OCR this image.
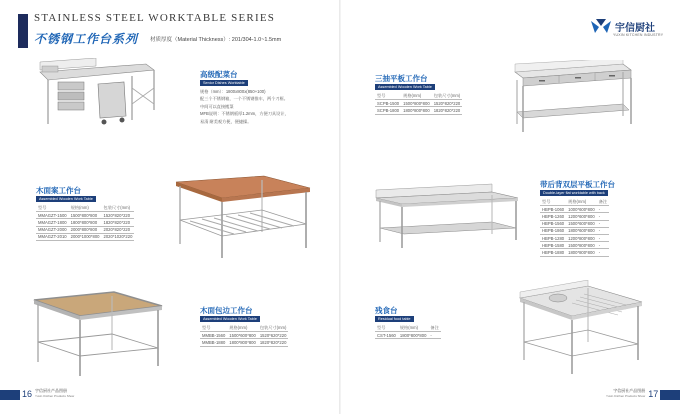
STAINLESS STEEL WORKTABLE SERIES
不锈钢工作台系列 材质厚度（Material Thickness）: 201/304-1.0~1.5mm
宇信厨社
YUXIN KITCHEN INDUSTRY
高级配菜台
Senior Dishes Worktable
规格（mm）：1800x800x(850+100)
配三个不锈钢箱，一个不锈钢推车，两个刀框。
中间可以直接搬菜
MFB说明：不锈钢板厚1.2mm，方便刀具设计，
易清 耐美观方便，便捷操。
三抽平板工作台
Assembled Wooden Work Table
型号	规格(mm)	包装尺寸(mm)
SCPB-1500	1500*800*800	1520*820*220
SCPB-1800	1800*800*800	1820*820*220
木面案工作台
Assembled Wooden Work Table
型号	规格(mm)	包装尺寸(mm)
MMAGZT-1500	1500*800*800	1520*820*220
MMAGZT-1800	1800*800*800	1820*820*220
MMAGZT-2000	2000*800*800	2020*820*220
MMAGZT-2010	2000*1000*800	2020*1020*220
带后背双层平板工作台
Double-layer flat worktable with back
型号	规格(mm)	备注
HBPB-1060	1000*600*800	-
HBPB-1260	1200*600*800	-
HBPB-1560	1500*600*800	-
HBPB-1860	1800*600*800	-
HBPB-1280	1200*800*800	-
HBPB-1580	1500*800*800	-
HBPB-1880	1800*800*800	-
木面包边工作台
Assembled Wooden Work Table
型号	规格(mm)	包装尺寸(mm)
MMBB-1560	1500*600*800	1520*620*220
MMBB-1880	1800*800*800	1820*820*220
残食台
Residual food table
型号	规格(mm)	备注
CST-1560	1800*800*800	-
16 宇信厨社产品图册
Yuxin Kitchen Products Show
宇信厨社产品图册
Yuxin Kitchen Products Show 17
